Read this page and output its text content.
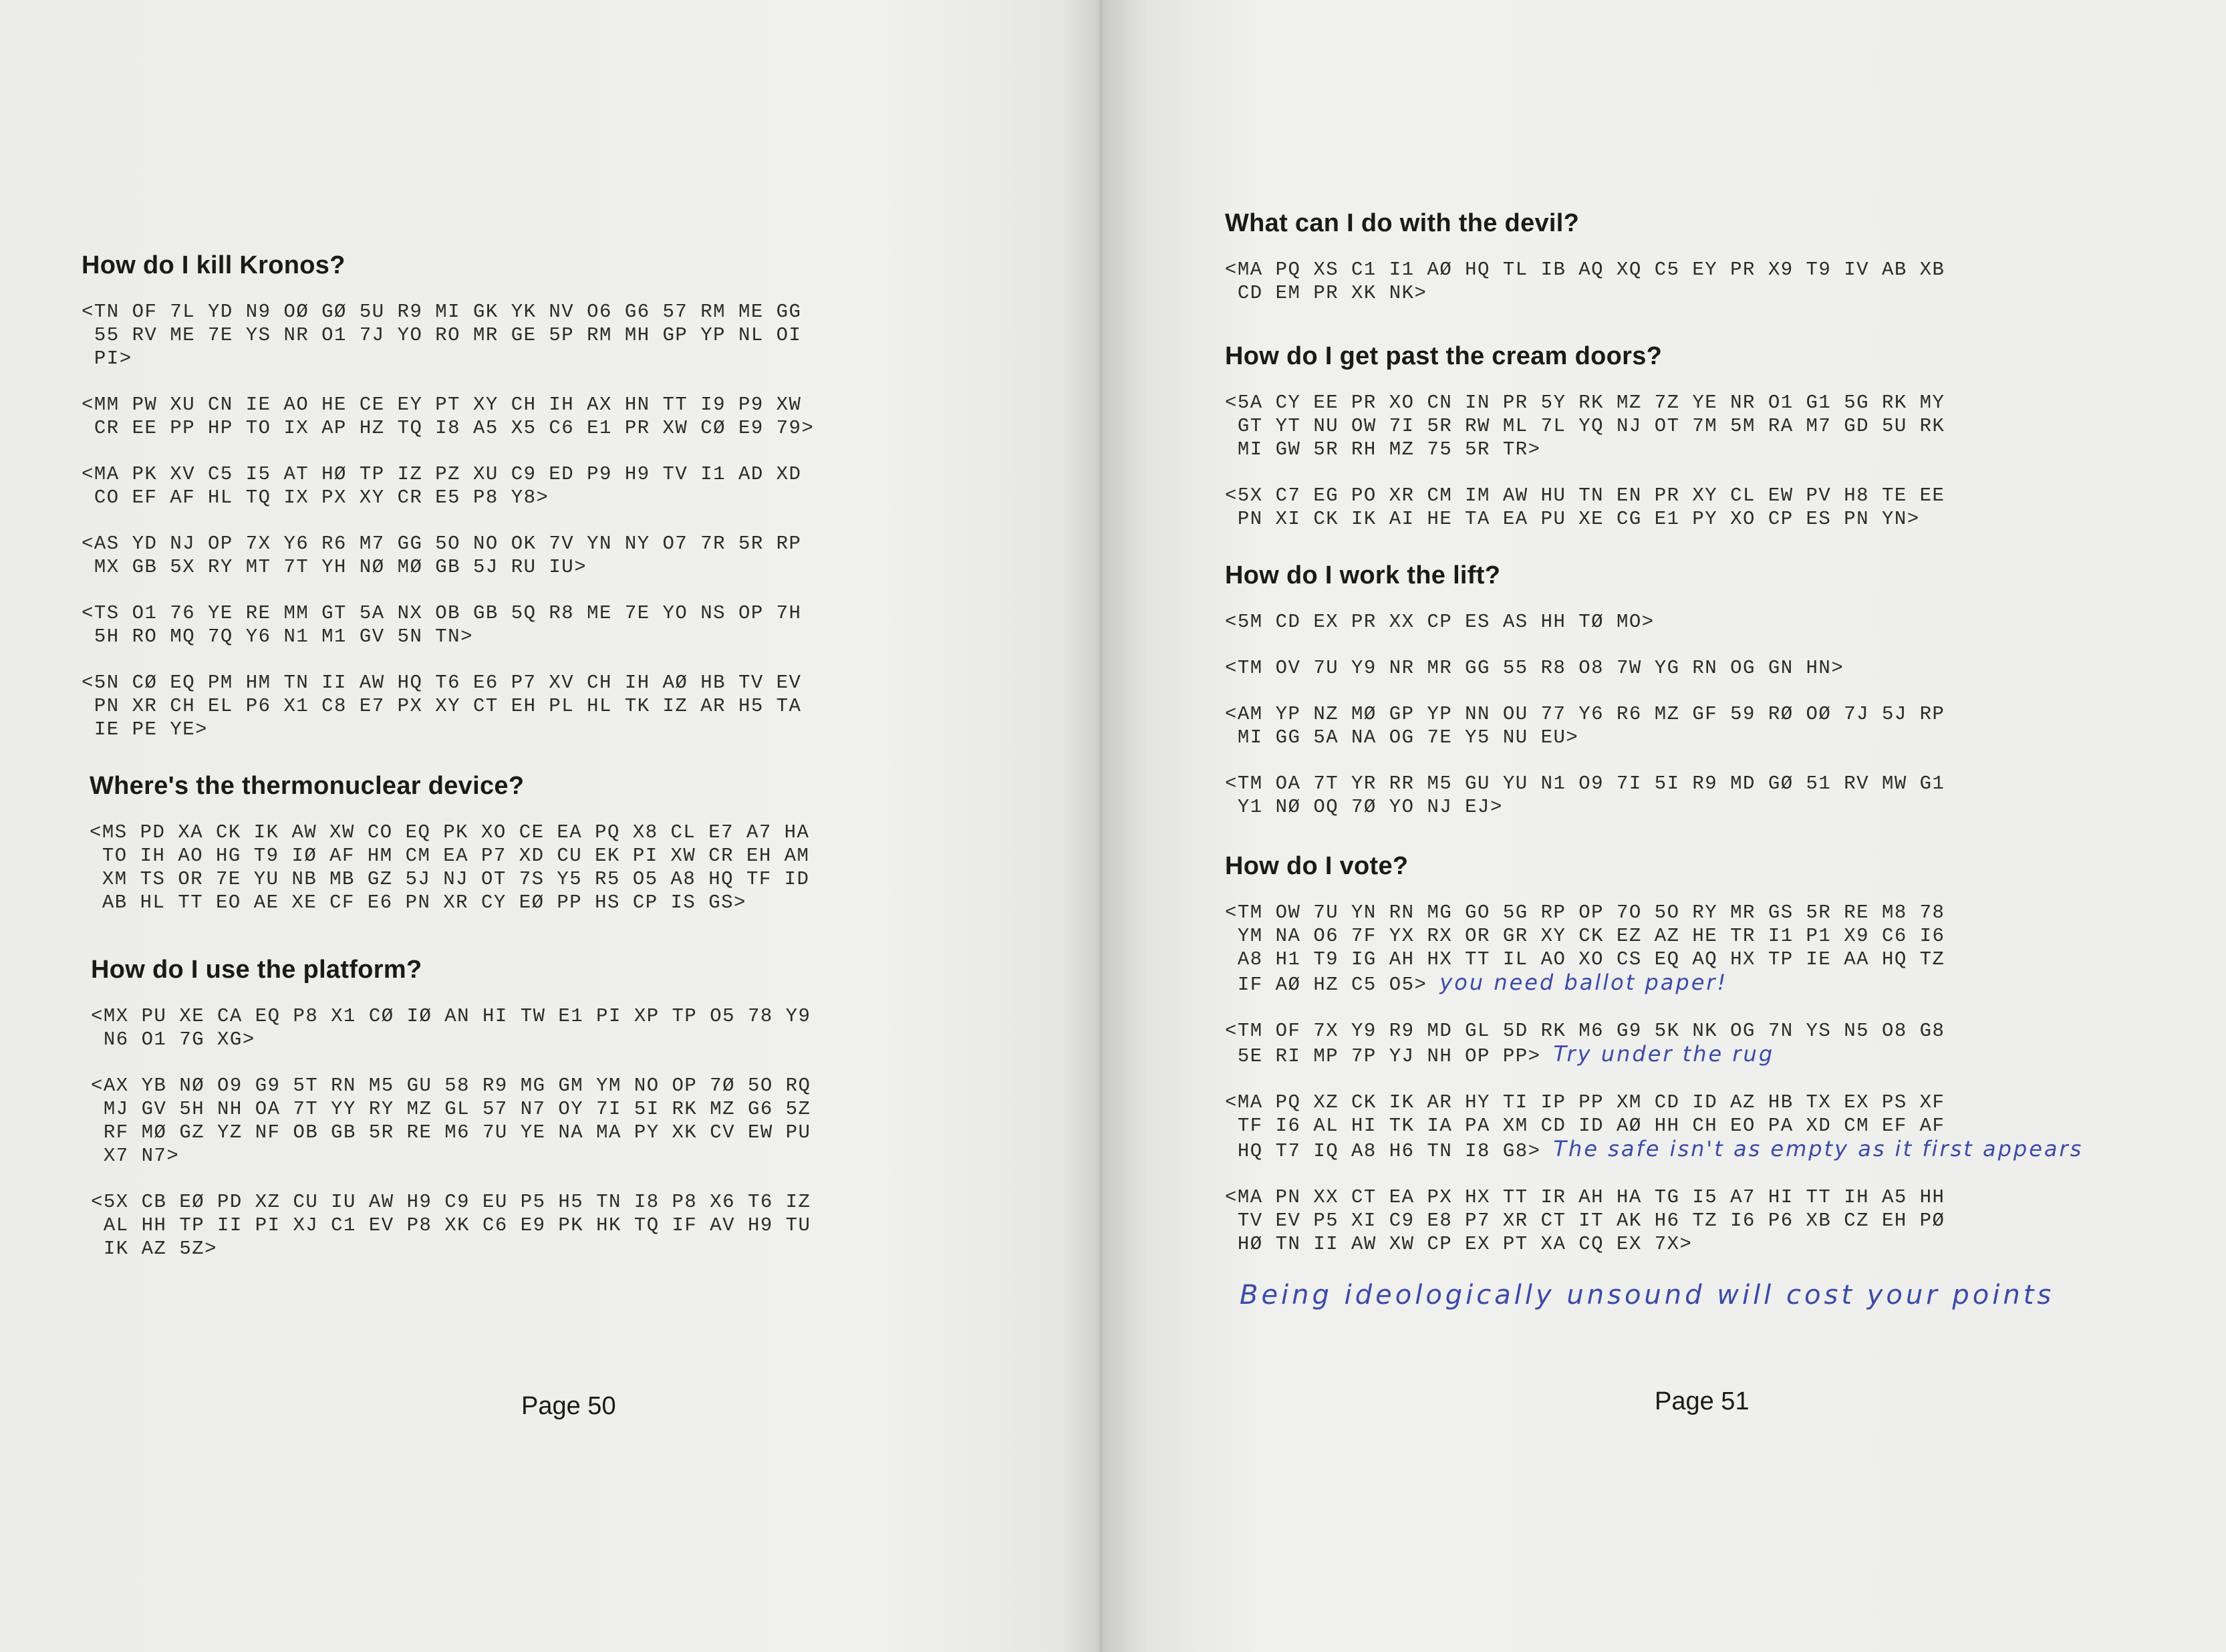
How do I kill Kronos?
<TN OF 7L YD N9 OØ GØ 5U R9 MI GK YK NV O6 G6 57 RM ME GG
55 RV ME 7E YS NR O1 7J YO RO MR GE 5P RM MH GP YP NL OI
PI>
<MM PW XU CN IE AO HE CE EY PT XY CH IH AX HN TT I9 P9 XW
CR EE PP HP TO IX AP HZ TQ I8 A5 X5 C6 E1 PR XW CØ E9 79>
<MA PK XV C5 I5 AT HØ TP IZ PZ XU C9 ED P9 H9 TV I1 AD XD
CO EF AF HL TQ IX PX XY CR E5 P8 Y8>
<AS YD NJ OP 7X Y6 R6 M7 GG 5O NO OK 7V YN NY O7 7R 5R RP
MX GB 5X RY MT 7T YH NØ MØ GB 5J RU IU>
<TS O1 76 YE RE MM GT 5A NX OB GB 5Q R8 ME 7E YO NS OP 7H
5H RO MQ 7Q Y6 N1 M1 GV 5N TN>
<5N CØ EQ PM HM TN II AW HQ T6 E6 P7 XV CH IH AØ HB TV EV
PN XR CH EL P6 X1 C8 E7 PX XY CT EH PL HL TK IZ AR H5 TA
IE PE YE>
Where's the thermonuclear device?
<MS PD XA CK IK AW XW CO EQ PK XO CE EA PQ X8 CL E7 A7 HA
TO IH AO HG T9 IØ AF HM CM EA P7 XD CU EK PI XW CR EH AM
XM TS OR 7E YU NB MB GZ 5J NJ OT 7S Y5 R5 O5 A8 HQ TF ID
AB HL TT EO AE XE CF E6 PN XR CY EØ PP HS CP IS GS>
How do I use the platform?
<MX PU XE CA EQ P8 X1 CØ IØ AN HI TW E1 PI XP TP O5 78 Y9
N6 O1 7G XG>
<AX YB NØ O9 G9 5T RN M5 GU 58 R9 MG GM YM NO OP 7Ø 5O RQ
MJ GV 5H NH OA 7T YY RY MZ GL 57 N7 OY 7I 5I RK MZ G6 5Z
RF MØ GZ YZ NF OB GB 5R RE M6 7U YE NA MA PY XK CV EW PU
X7 N7>
<5X CB EØ PD XZ CU IU AW H9 C9 EU P5 H5 TN I8 P8 X6 T6 IZ
AL HH TP II PI XJ C1 EV P8 XK C6 E9 PK HK TQ IF AV H9 TU
IK AZ 5Z>
Page 50
What can I do with the devil?
<MA PQ XS C1 I1 AØ HQ TL IB AQ XQ C5 EY PR X9 T9 IV AB XB
CD EM PR XK NK>
How do I get past the cream doors?
<5A CY EE PR XO CN IN PR 5Y RK MZ 7Z YE NR O1 G1 5G RK MY
GT YT NU OW 7I 5R RW ML 7L YQ NJ OT 7M 5M RA M7 GD 5U RK
MI GW 5R RH MZ 75 5R TR>
<5X C7 EG PO XR CM IM AW HU TN EN PR XY CL EW PV H8 TE EE
PN XI CK IK AI HE TA EA PU XE CG E1 PY XO CP ES PN YN>
How do I work the lift?
<5M CD EX PR XX CP ES AS HH TØ MO>
<TM OV 7U Y9 NR MR GG 55 R8 O8 7W YG RN OG GN HN>
<AM YP NZ MØ GP YP NN OU 77 Y6 R6 MZ GF 59 RØ OØ 7J 5J RP
MI GG 5A NA OG 7E Y5 NU EU>
<TM OA 7T YR RR M5 GU YU N1 O9 7I 5I R9 MD GØ 51 RV MW G1
Y1 NØ OQ 7Ø YO NJ EJ>
How do I vote?
<TM OW 7U YN RN MG GO 5G RP OP 7O 5O RY MR GS 5R RE M8 78
YM NA O6 7F YX RX OR GR XY CK EZ AZ HE TR I1 P1 X9 C6 I6
A8 H1 T9 IG AH HX TT IL AO XO CS EQ AQ HX TP IE AA HQ TZ
IF AØ HZ C5 O5> you need ballot paper!
<TM OF 7X Y9 R9 MD GL 5D RK M6 G9 5K NK OG 7N YS N5 O8 G8
5E RI MP 7P YJ NH OP PP> Try under the rug
<MA PQ XZ CK IK AR HY TI IP PP XM CD ID AZ HB TX EX PS XF
TF I6 AL HI TK IA PA XM CD ID AØ HH CH EO PA XD CM EF AF
HQ T7 IQ A8 H6 TN I8 G8> The safe isn't as empty as it first appears
<MA PN XX CT EA PX HX TT IR AH HA TG I5 A7 HI TT IH A5 HH
TV EV P5 XI C9 E8 P7 XR CT IT AK H6 TZ I6 P6 XB CZ EH PØ
HØ TN II AW XW CP EX PT XA CQ EX 7X>
Being ideologically unsound will cost your points
Page 51
